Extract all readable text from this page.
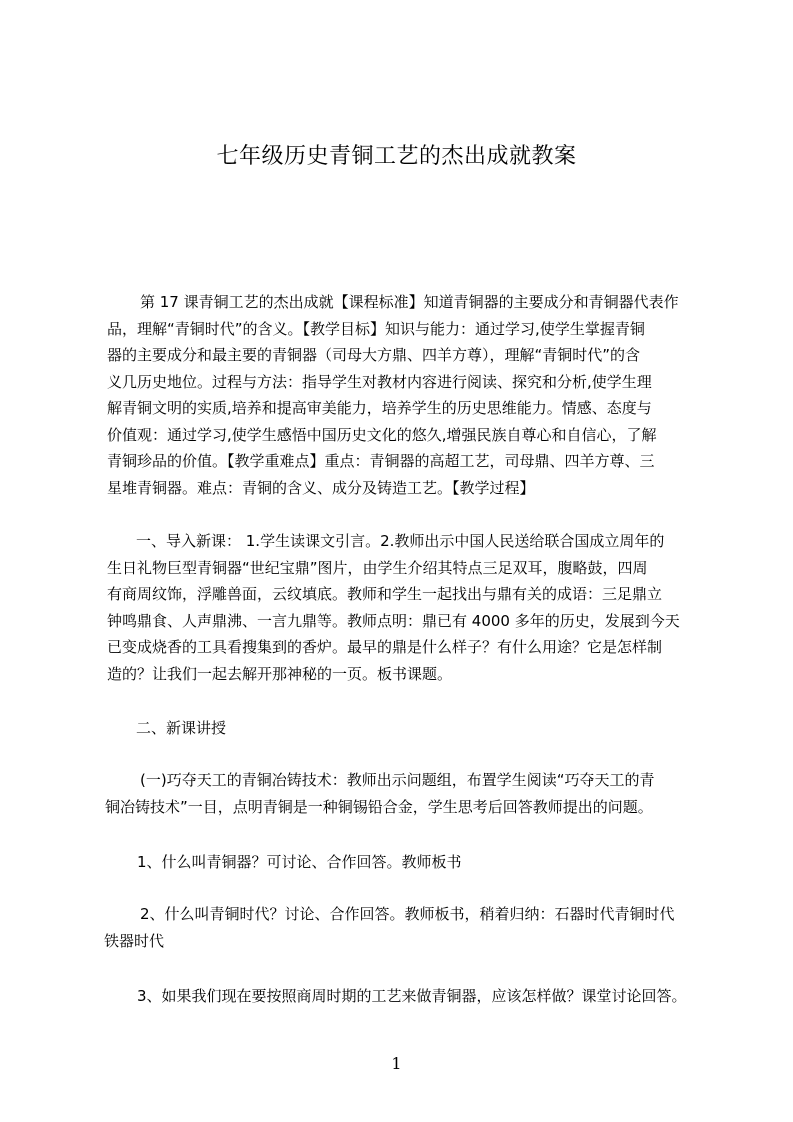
七年级历史青铜工艺的杰出成就教案
第 17 课青铜工艺的杰出成就【课程标准】知道青铜器的主要成分和青铜器代表作
品，理解“青铜时代”的含义。【教学目标】知识与能力：通过学习,使学生掌握青铜
器的主要成分和最主要的青铜器（司母大方鼎、四羊方尊），理解“青铜时代”的含
义几历史地位。过程与方法：指导学生对教材内容进行阅读、探究和分析,使学生理
解青铜文明的实质,培养和提高审美能力，培养学生的历史思维能力。情感、态度与
价值观：通过学习,使学生感悟中国历史文化的悠久,增强民族自尊心和自信心，了解
青铜珍品的价值。【教学重难点】重点：青铜器的高超工艺，司母鼎、四羊方尊、三
星堆青铜器。难点：青铜的含义、成分及铸造工艺。【教学过程】
一、导入新课： 1.学生读课文引言。2.教师出示中国人民送给联合国成立周年的
生日礼物巨型青铜器“世纪宝鼎”图片，由学生介绍其特点三足双耳，腹略鼓，四周
有商周纹饰，浮雕兽面，云纹填底。教师和学生一起找出与鼎有关的成语：三足鼎立
钟鸣鼎食、人声鼎沸、一言九鼎等。教师点明：鼎已有 4000 多年的历史，发展到今天
已变成烧香的工具看搜集到的香炉。最早的鼎是什么样子？有什么用途？它是怎样制
造的？让我们一起去解开那神秘的一页。板书课题。
二、新课讲授
(一)巧夺天工的青铜冶铸技术：教师出示问题组，布置学生阅读“巧夺天工的青
铜冶铸技术”一目，点明青铜是一种铜锡铅合金，学生思考后回答教师提出的问题。
1、什么叫青铜器？可讨论、合作回答。教师板书
2、什么叫青铜时代？讨论、合作回答。教师板书，稍着归纳：石器时代青铜时代
铁器时代
3、如果我们现在要按照商周时期的工艺来做青铜器，应该怎样做？课堂讨论回答。
1
